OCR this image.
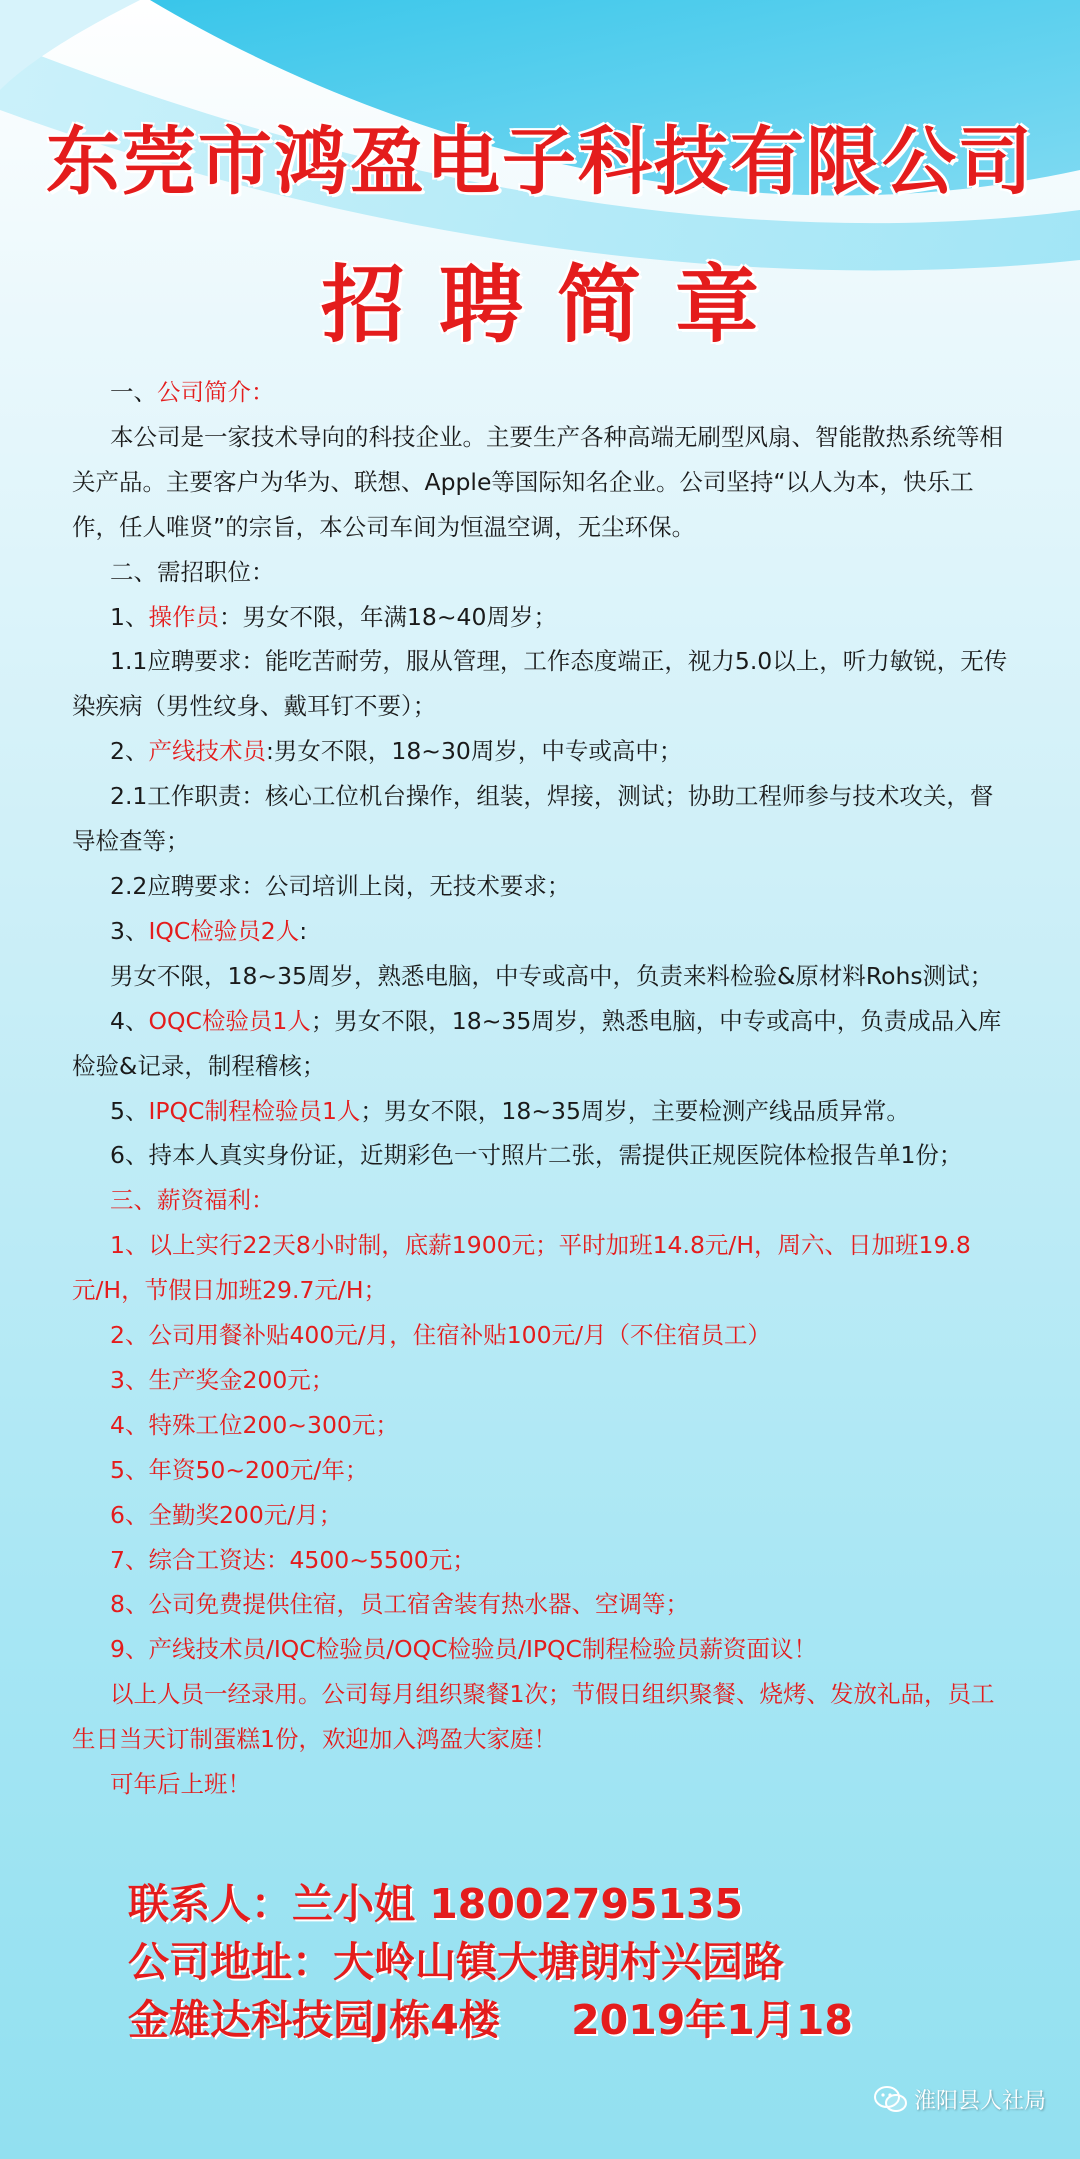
东莞市鸿盈电子科技有限公司
招聘简章

一、公司简介：

本公司是一家技术导向的科技企业。主要生产各种高端无刷型风扇、智能散热系统等相关产品。主要客户为华为、联想、Apple等国际知名企业。公司坚持“以人为本，快乐工作，任人唯贤”的宗旨，本公司车间为恒温空调，无尘环保。

二、需招职位：

1、操作员：男女不限，年满18~40周岁；

1.1应聘要求：能吃苦耐劳，服从管理，工作态度端正，视力5.0以上，听力敏锐，无传染疾病（男性纹身、戴耳钉不要）；

2、产线技术员:男女不限，18~30周岁，中专或高中；

2.1工作职责：核心工位机台操作，组装，焊接，测试；协助工程师参与技术攻关，督导检查等；

2.2应聘要求：公司培训上岗，无技术要求；

3、IQC检验员2人:

男女不限，18~35周岁，熟悉电脑，中专或高中，负责来料检验&原材料Rohs测试；

4、OQC检验员1人；男女不限，18~35周岁，熟悉电脑，中专或高中，负责成品入库检验&记录，制程稽核；

5、IPQC制程检验员1人；男女不限，18~35周岁，主要检测产线品质异常。

6、持本人真实身份证，近期彩色一寸照片二张，需提供正规医院体检报告单1份；

三、薪资福利：

1、以上实行22天8小时制，底薪1900元；平时加班14.8元/H，周六、日加班19.8元/H，节假日加班29.7元/H；

2、公司用餐补贴400元/月，住宿补贴100元/月（不住宿员工）

3、生产奖金200元；

4、特殊工位200~300元；

5、年资50~200元/年；

6、全勤奖200元/月；

7、综合工资达：4500~5500元；

8、公司免费提供住宿，员工宿舍装有热水器、空调等；

9、产线技术员/IQC检验员/OQC检验员/IPQC制程检验员薪资面议！

以上人员一经录用。公司每月组织聚餐1次；节假日组织聚餐、烧烤、发放礼品，员工生日当天订制蛋糕1份，欢迎加入鸿盈大家庭！

可年后上班！

联系人：兰小姐 18002795135

公司地址：大岭山镇大塘朗村兴园路

金雄达科技园J栋4楼     2019年1月18

淮阳县人社局
